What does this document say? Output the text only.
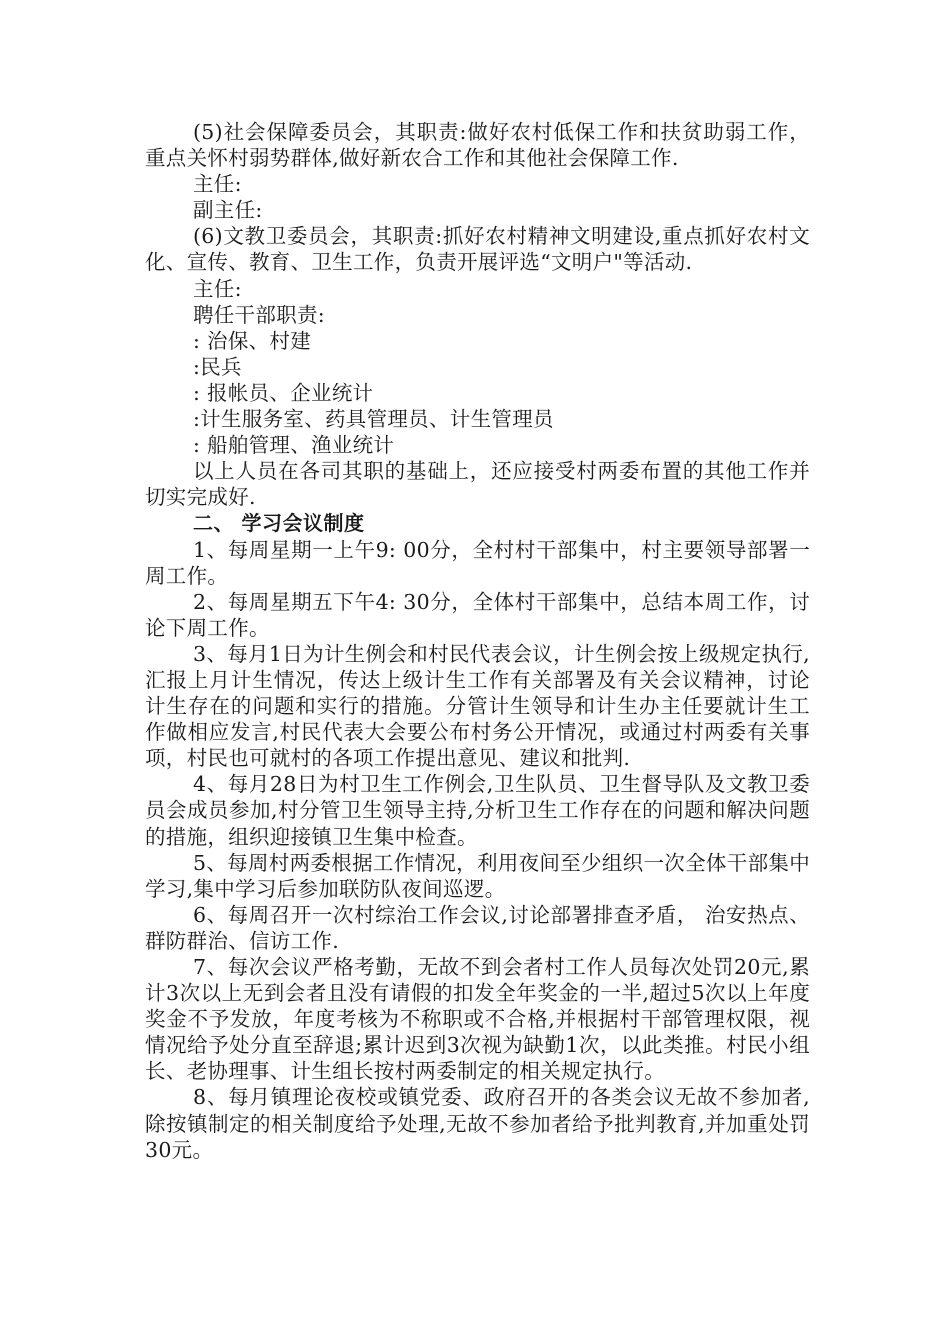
(5)社会保障委员会，其职责:做好农村低保工作和扶贫助弱工作，重点关怀村弱势群体,做好新农合工作和其他社会保障工作.

主任:

副主任:

(6)文教卫委员会，其职责:抓好农村精神文明建设,重点抓好农村文化、宣传、教育、卫生工作，负责开展评选“文明户"等活动.

主任:

聘任干部职责:

: 治保、村建

:民兵

: 报帐员、企业统计

:计生服务室、药具管理员、计生管理员

: 船舶管理、渔业统计

以上人员在各司其职的基础上，还应接受村两委布置的其他工作并切实完成好.

二、 学习会议制度

1、每周星期一上午9: 00分，全村村干部集中，村主要领导部署一周工作。

2、每周星期五下午4: 30分，全体村干部集中，总结本周工作，讨论下周工作。

3、每月1日为计生例会和村民代表会议，计生例会按上级规定执行,汇报上月计生情况，传达上级计生工作有关部署及有关会议精神，讨论计生存在的问题和实行的措施。分管计生领导和计生办主任要就计生工作做相应发言,村民代表大会要公布村务公开情况，或通过村两委有关事项，村民也可就村的各项工作提出意见、建议和批判.

4、每月28日为村卫生工作例会,卫生队员、卫生督导队及文教卫委员会成员参加,村分管卫生领导主持,分析卫生工作存在的问题和解决问题的措施，组织迎接镇卫生集中检查。

5、每周村两委根据工作情况，利用夜间至少组织一次全体干部集中学习,集中学习后参加联防队夜间巡逻。

6、每周召开一次村综治工作会议,讨论部署排查矛盾， 治安热点、群防群治、信访工作.

7、每次会议严格考勤，无故不到会者村工作人员每次处罚20元,累计3次以上无到会者且没有请假的扣发全年奖金的一半,超过5次以上年度奖金不予发放，年度考核为不称职或不合格,并根据村干部管理权限，视情况给予处分直至辞退;累计迟到3次视为缺勤1次，以此类推。村民小组长、老协理事、计生组长按村两委制定的相关规定执行。

8、每月镇理论夜校或镇党委、政府召开的各类会议无故不参加者,除按镇制定的相关制度给予处理,无故不参加者给予批判教育,并加重处罚30元。
